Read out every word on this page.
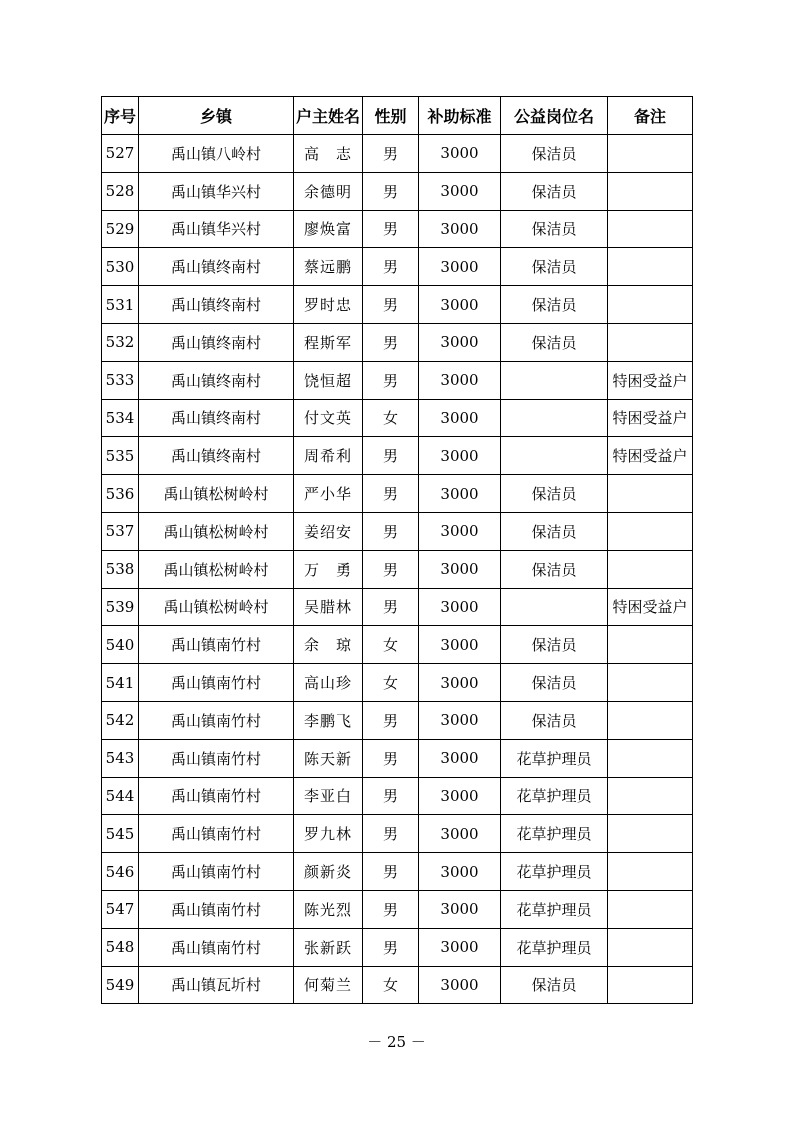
序号	乡镇	户主姓名	性别	补助标准	公益岗位名	备注
527	禹山镇八岭村	高　志	男	3000	保洁员	
528	禹山镇华兴村	余德明	男	3000	保洁员	
529	禹山镇华兴村	廖焕富	男	3000	保洁员	
530	禹山镇终南村	蔡远鹏	男	3000	保洁员	
531	禹山镇终南村	罗时忠	男	3000	保洁员	
532	禹山镇终南村	程斯军	男	3000	保洁员	
533	禹山镇终南村	饶恒超	男	3000		特困受益户
534	禹山镇终南村	付文英	女	3000		特困受益户
535	禹山镇终南村	周希利	男	3000		特困受益户
536	禹山镇松树岭村	严小华	男	3000	保洁员	
537	禹山镇松树岭村	姜绍安	男	3000	保洁员	
538	禹山镇松树岭村	万　勇	男	3000	保洁员	
539	禹山镇松树岭村	吴腊林	男	3000		特困受益户
540	禹山镇南竹村	余　琼	女	3000	保洁员	
541	禹山镇南竹村	高山珍	女	3000	保洁员	
542	禹山镇南竹村	李鹏飞	男	3000	保洁员	
543	禹山镇南竹村	陈天新	男	3000	花草护理员	
544	禹山镇南竹村	李亚白	男	3000	花草护理员	
545	禹山镇南竹村	罗九林	男	3000	花草护理员	
546	禹山镇南竹村	颜新炎	男	3000	花草护理员	
547	禹山镇南竹村	陈光烈	男	3000	花草护理员	
548	禹山镇南竹村	张新跃	男	3000	花草护理员	
549	禹山镇瓦圻村	何菊兰	女	3000	保洁员	
－ 25 －
